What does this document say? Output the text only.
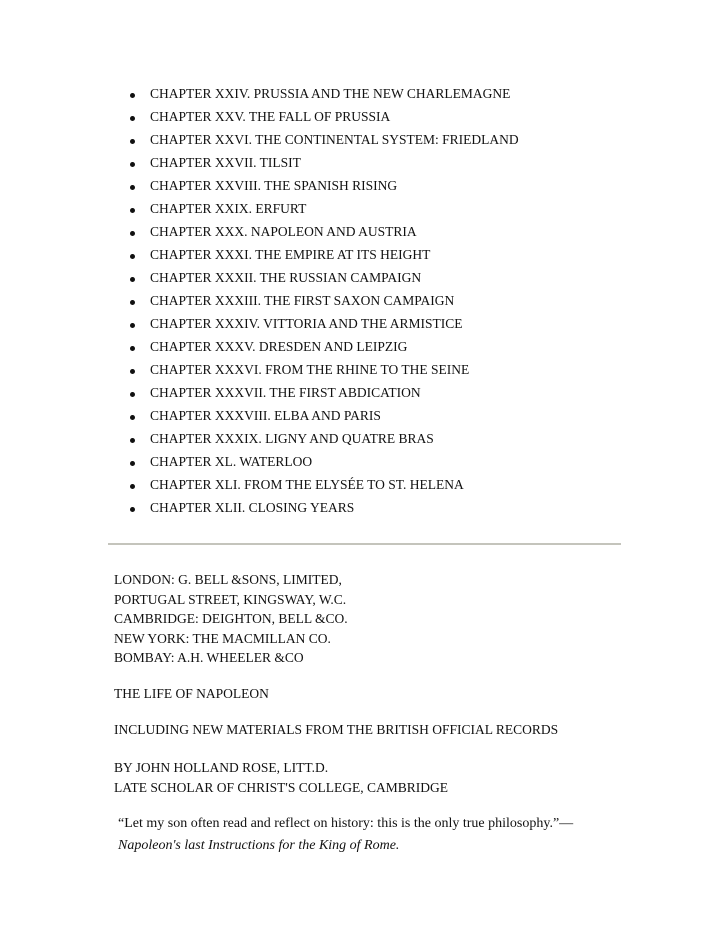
CHAPTER XXIV. PRUSSIA AND THE NEW CHARLEMAGNE
CHAPTER XXV. THE FALL OF PRUSSIA
CHAPTER XXVI. THE CONTINENTAL SYSTEM: FRIEDLAND
CHAPTER XXVII. TILSIT
CHAPTER XXVIII. THE SPANISH RISING
CHAPTER XXIX. ERFURT
CHAPTER XXX. NAPOLEON AND AUSTRIA
CHAPTER XXXI. THE EMPIRE AT ITS HEIGHT
CHAPTER XXXII. THE RUSSIAN CAMPAIGN
CHAPTER XXXIII. THE FIRST SAXON CAMPAIGN
CHAPTER XXXIV. VITTORIA AND THE ARMISTICE
CHAPTER XXXV. DRESDEN AND LEIPZIG
CHAPTER XXXVI. FROM THE RHINE TO THE SEINE
CHAPTER XXXVII. THE FIRST ABDICATION
CHAPTER XXXVIII. ELBA AND PARIS
CHAPTER XXXIX. LIGNY AND QUATRE BRAS
CHAPTER XL. WATERLOO
CHAPTER XLI. FROM THE ELYSÉE TO ST. HELENA
CHAPTER XLII. CLOSING YEARS
LONDON: G. BELL &SONS, LIMITED,
PORTUGAL STREET, KINGSWAY, W.C.
CAMBRIDGE: DEIGHTON, BELL &CO.
NEW YORK: THE MACMILLAN CO.
BOMBAY: A.H. WHEELER &CO
THE LIFE OF NAPOLEON
INCLUDING NEW MATERIALS FROM THE BRITISH OFFICIAL RECORDS
BY JOHN HOLLAND ROSE, LITT.D.
LATE SCHOLAR OF CHRIST'S COLLEGE, CAMBRIDGE
“Let my son often read and reflect on history: this is the only true philosophy.”—
Napoleon's last Instructions for the King of Rome.
